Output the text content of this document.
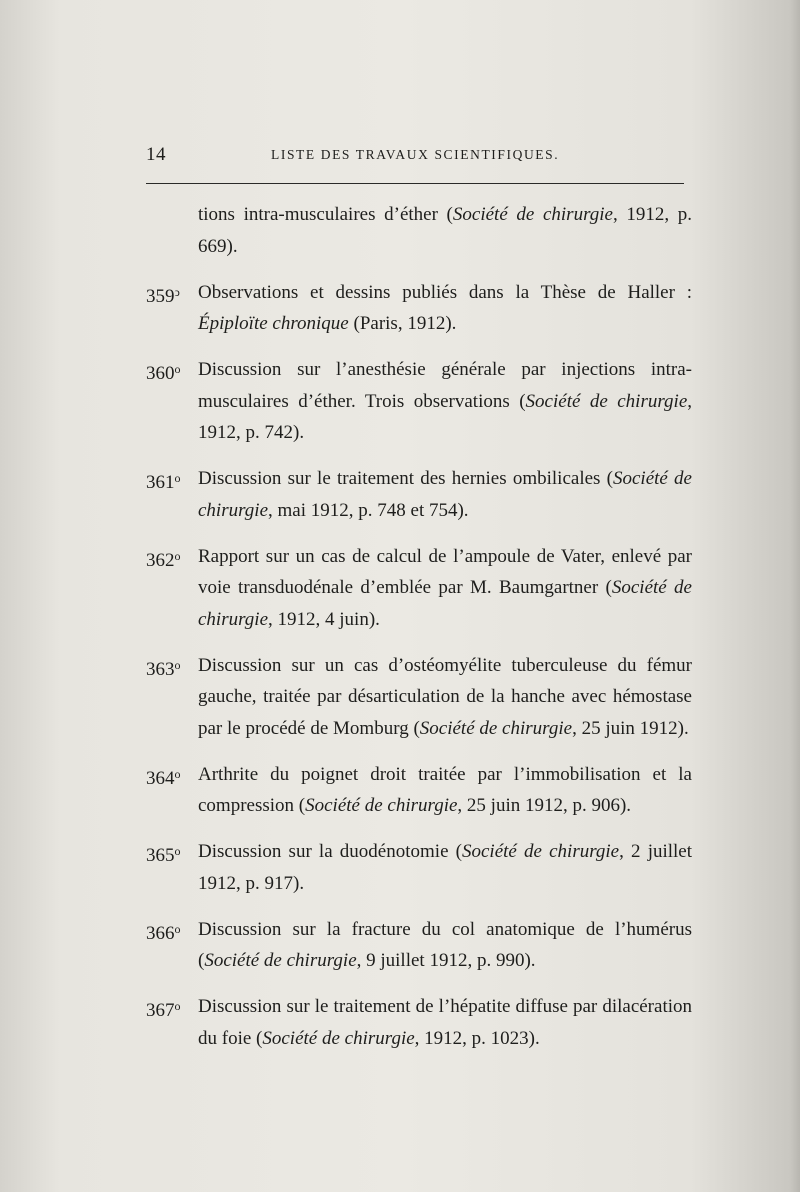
14	LISTE DES TRAVAUX SCIENTIFIQUES.
tions intra-musculaires d’éther (Société de chirurgie, 1912, p. 669).
$359^ↄ$ Observations et dessins publiés dans la Thèse de Haller : Épiploïte chronique (Paris, 1912).
360$^o$ Discussion sur l’anesthésie générale par injections intra-musculaires d’éther. Trois observations (Société de chirurgie, 1912, p. 742).
361$^o$ Discussion sur le traitement des hernies ombilicales (Société de chirurgie, mai 1912, p. 748 et 754).
362$^o$ Rapport sur un cas de calcul de l’ampoule de Vater, enlevé par voie transduodénale d’emblée par M. Baumgartner (Société de chirurgie, 1912, 4 juin).
363$^o$ Discussion sur un cas d’ostéomyélite tuberculeuse du fémur gauche, traitée par désarticulation de la hanche avec hémostase par le procédé de Momburg (Société de chirurgie, 25 juin 1912).
364$^o$ Arthrite du poignet droit traitée par l’immobilisation et la compression (Société de chirurgie, 25 juin 1912, p. 906).
365$^o$ Discussion sur la duodénotomie (Société de chirurgie, 2 juillet 1912, p. 917).
366$^o$ Discussion sur la fracture du col anatomique de l’humérus (Société de chirurgie, 9 juillet 1912, p. 990).
367$^o$ Discussion sur le traitement de l’hépatite diffuse par dilacération du foie (Société de chirurgie, 1912, p. 1023).
